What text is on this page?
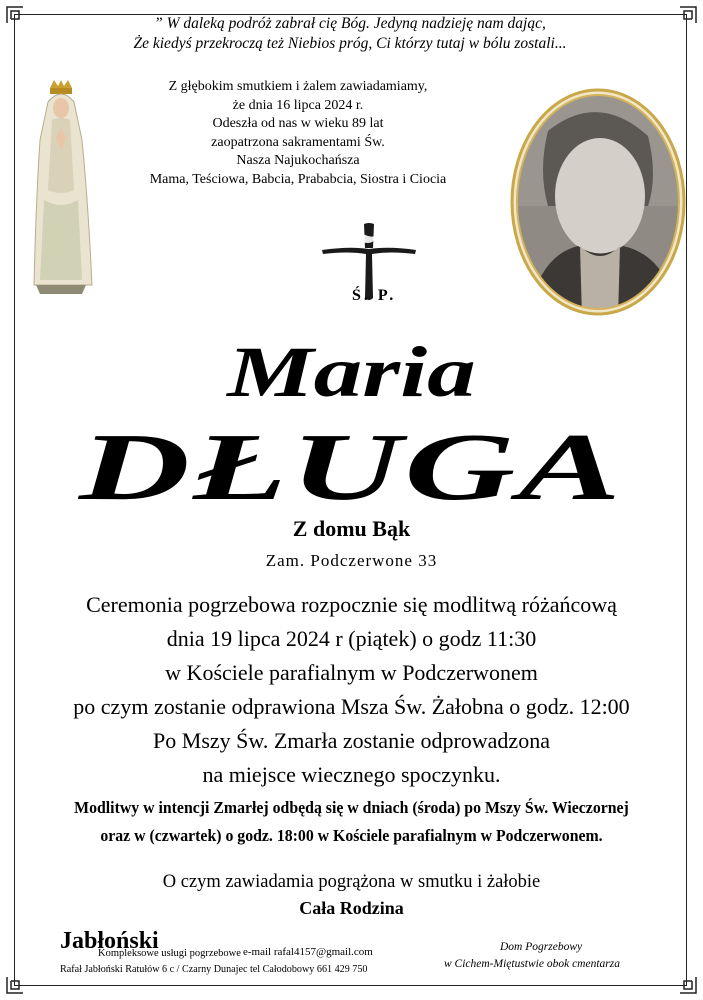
” W daleką podróż zabrał cię Bóg. Jedyną nadzieję nam dając,
Że kiedyś przekroczą też Niebios próg, Ci którzy tutaj w bólu zostali...
Z głębokim smutkiem i żalem zawiadamiamy,
że dnia 16 lipca 2024 r.
Odeszła od nas w wieku 89 lat
zaopatrzona sakramentami Św.
Nasza Najukochańsza
Mama, Teściowa, Babcia, Prababcia, Siostra i Ciocia
Ś. P.
Maria
DŁUGA
Z domu Bąk
Zam. Podczerwone 33
Ceremonia pogrzebowa rozpocznie się modlitwą różańcową
dnia 19 lipca 2024 r (piątek) o godz 11:30
w Kościele parafialnym w Podczerwonem
po czym zostanie odprawiona Msza Św. Żałobna o godz. 12:00
Po Mszy Św. Zmarła zostanie odprowadzona
na miejsce wiecznego spoczynku.
Modlitwy w intencji Zmarłej odbędą się w dniach (środa) po Mszy Św. Wieczornej
oraz w (czwartek) o godz. 18:00 w Kościele parafialnym w Podczerwonem.
O czym zawiadamia pogrążona w smutku i żałobie
Cała Rodzina
Jabłoński
Kompleksowe usługi pogrzebowe e-mail rafal4157@gmail.com
Rafał Jabłoński Ratułów 6 c / Czarny Dunajec tel Całodobowy 661 429 750
Dom Pogrzebowy
w Cichem-Miętustwie obok cmentarza
